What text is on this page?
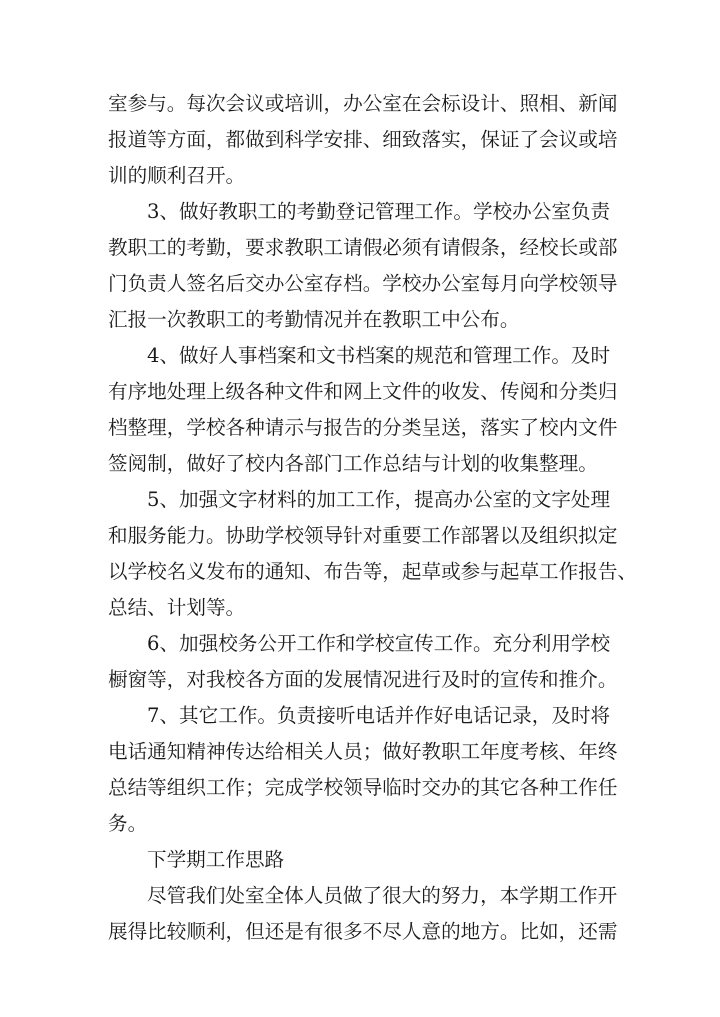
室参与。每次会议或培训，办公室在会标设计、照相、新闻
报道等方面，都做到科学安排、细致落实，保证了会议或培
训的顺利召开。
3、做好教职工的考勤登记管理工作。学校办公室负责
教职工的考勤，要求教职工请假必须有请假条，经校长或部
门负责人签名后交办公室存档。学校办公室每月向学校领导
汇报一次教职工的考勤情况并在教职工中公布。
4、做好人事档案和文书档案的规范和管理工作。及时
有序地处理上级各种文件和网上文件的收发、传阅和分类归
档整理，学校各种请示与报告的分类呈送，落实了校内文件
签阅制，做好了校内各部门工作总结与计划的收集整理。
5、加强文字材料的加工工作，提高办公室的文字处理
和服务能力。协助学校领导针对重要工作部署以及组织拟定
以学校名义发布的通知、布告等，起草或参与起草工作报告、
总结、计划等。
6、加强校务公开工作和学校宣传工作。充分利用学校
橱窗等，对我校各方面的发展情况进行及时的宣传和推介。
7、其它工作。负责接听电话并作好电话记录，及时将
电话通知精神传达给相关人员；做好教职工年度考核、年终
总结等组织工作；完成学校领导临时交办的其它各种工作任
务。
下学期工作思路
尽管我们处室全体人员做了很大的努力，本学期工作开
展得比较顺利，但还是有很多不尽人意的地方。比如，还需
